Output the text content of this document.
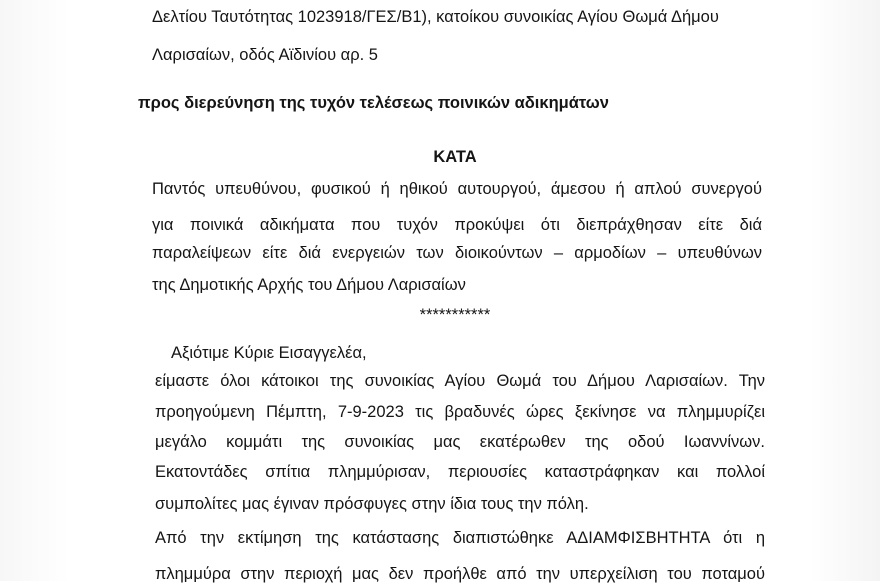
Δελτίου Ταυτότητας 1023918/ΓΕΣ/Β1), κατοίκου συνοικίας Αγίου Θωμά Δήμου
Λαρισαίων, οδός Αϊδινίου αρ. 5
προς διερεύνηση της τυχόν τελέσεως ποινικών αδικημάτων
ΚΑΤΑ
Παντός υπευθύνου, φυσικού ή ηθικού αυτουργού, άμεσου ή απλού συνεργού
για ποινικά αδικήματα που τυχόν προκύψει ότι διεπράχθησαν είτε διά
παραλείψεων είτε διά ενεργειών των διοικούντων – αρμοδίων – υπευθύνων
της Δημοτικής Αρχής του Δήμου Λαρισαίων
***********
Αξιότιμε Κύριε Εισαγγελέα,
είμαστε όλοι κάτοικοι της συνοικίας Αγίου Θωμά του Δήμου Λαρισαίων. Την
προηγούμενη Πέμπτη, 7-9-2023 τις βραδυνές ώρες ξεκίνησε να πλημμυρίζει
μεγάλο κομμάτι της συνοικίας μας εκατέρωθεν της οδού Ιωαννίνων.
Εκατοντάδες σπίτια πλημμύρισαν, περιουσίες καταστράφηκαν και πολλοί
συμπολίτες μας έγιναν πρόσφυγες στην ίδια τους την πόλη.
Από την εκτίμηση της κατάστασης διαπιστώθηκε ΑΔΙΑΜΦΙΣΒΗΤΗΤΑ ότι η
πλημμύρα στην περιοχή μας δεν προήλθε από την υπερχείλιση του ποταμού
